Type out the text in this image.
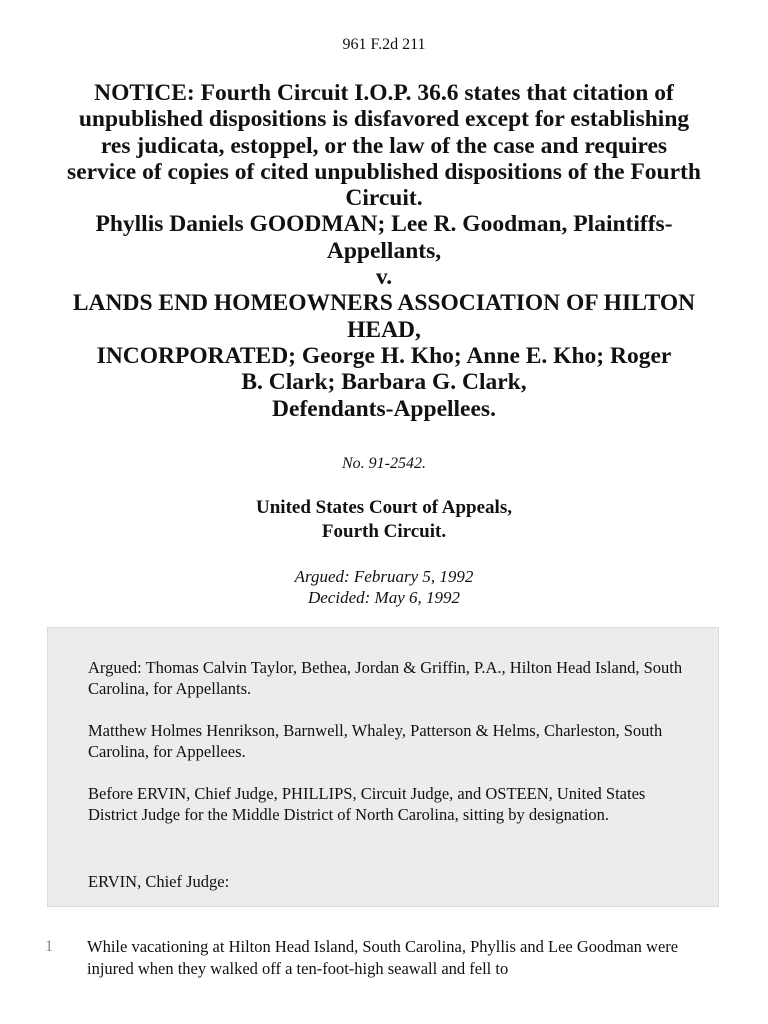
961 F.2d 211
NOTICE: Fourth Circuit I.O.P. 36.6 states that citation of
unpublished dispositions is disfavored except for establishing
res judicata, estoppel, or the law of the case and requires
service of copies of cited unpublished dispositions of the Fourth
Circuit.
Phyllis Daniels GOODMAN; Lee R. Goodman, Plaintiffs-
Appellants,
v.
LANDS END HOMEOWNERS ASSOCIATION OF HILTON
HEAD,
INCORPORATED; George H. Kho; Anne E. Kho; Roger
B. Clark; Barbara G. Clark,
Defendants-Appellees.
No. 91-2542.
United States Court of Appeals,
Fourth Circuit.
Argued: February 5, 1992
Decided: May 6, 1992

Argued: Thomas Calvin Taylor, Bethea, Jordan & Griffin, P.A., Hilton Head Island, South Carolina, for Appellants.

Matthew Holmes Henrikson, Barnwell, Whaley, Patterson & Helms, Charleston, South Carolina, for Appellees.

Before ERVIN, Chief Judge, PHILLIPS, Circuit Judge, and OSTEEN, United States District Judge for the Middle District of North Carolina, sitting by designation.

ERVIN, Chief Judge:

1 While vacationing at Hilton Head Island, South Carolina, Phyllis and Lee Goodman were injured when they walked off a ten-foot-high seawall and fell to
